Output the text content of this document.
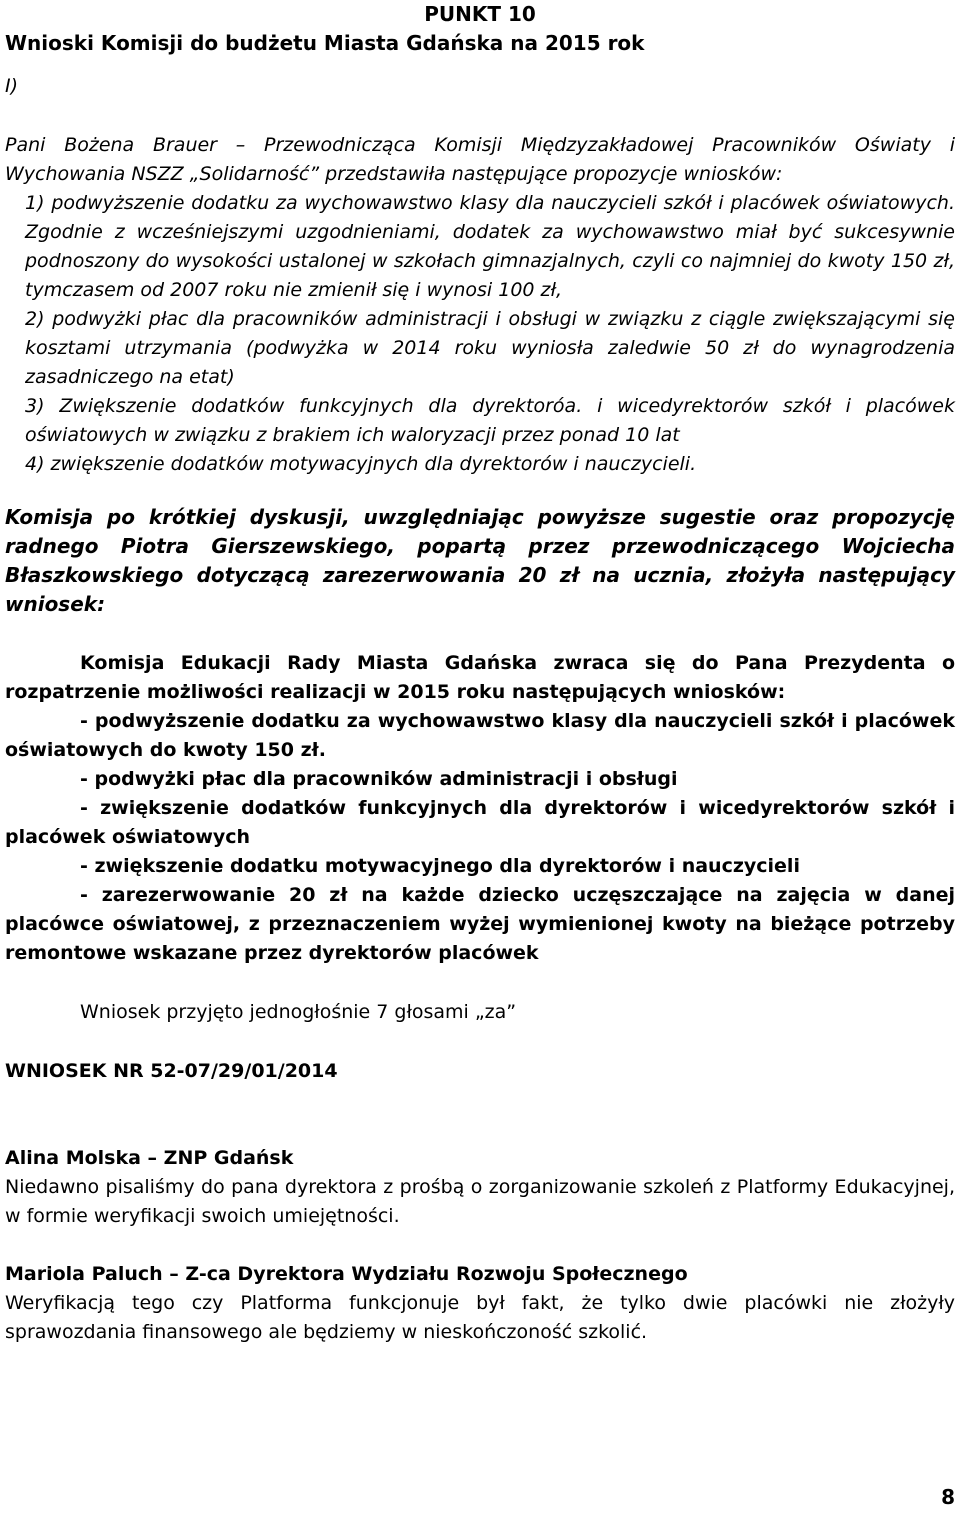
PUNKT 10
Wnioski Komisji do budżetu Miasta Gdańska na 2015 rok
I)
Pani Bożena Brauer – Przewodnicząca Komisji Międzyzakładowej Pracowników Oświaty i Wychowania NSZZ „Solidarność” przedstawiła następujące propozycje wniosków:
1) podwyższenie dodatku za wychowawstwo klasy dla nauczycieli szkół i placówek oświatowych. Zgodnie z wcześniejszymi uzgodnieniami, dodatek za wychowawstwo miał być sukcesywnie podnoszony do wysokości ustalonej w szkołach gimnazjalnych, czyli co najmniej do kwoty 150 zł, tymczasem od 2007 roku nie zmienił się i wynosi 100 zł,
2) podwyżki płac dla pracowników administracji i obsługi w związku z ciągle zwiększającymi się kosztami utrzymania (podwyżka w 2014 roku wyniosła zaledwie 50 zł do wynagrodzenia zasadniczego na etat)
3) Zwiększenie dodatków funkcyjnych dla dyrektoróa. i wicedyrektorów szkół i placówek oświatowych w związku z brakiem ich waloryzacji przez ponad 10 lat
4) zwiększenie dodatków motywacyjnych dla dyrektorów i nauczycieli.
Komisja po krótkiej dyskusji, uwzględniając powyższe sugestie oraz propozycję radnego Piotra Gierszewskiego, popartą przez przewodniczącego Wojciecha Błaszkowskiego dotyczącą zarezerwowania 20 zł na ucznia, złożyła następujący wniosek:
Komisja Edukacji Rady Miasta Gdańska zwraca się do Pana Prezydenta o rozpatrzenie możliwości realizacji w 2015 roku następujących wniosków:
- podwyższenie dodatku za wychowawstwo klasy dla nauczycieli szkół i placówek oświatowych do kwoty 150 zł.
- podwyżki płac dla pracowników administracji i obsługi
- zwiększenie dodatków funkcyjnych dla dyrektorów i wicedyrektorów szkół i placówek oświatowych
- zwiększenie dodatku motywacyjnego dla dyrektorów i nauczycieli
- zarezerwowanie 20 zł na każde dziecko uczęszczające na zajęcia w danej placówce oświatowej, z przeznaczeniem wyżej wymienionej kwoty na bieżące potrzeby remontowe wskazane przez dyrektorów placówek
Wniosek przyjęto jednogłośnie 7 głosami „za”
WNIOSEK NR 52-07/29/01/2014
Alina Molska – ZNP Gdańsk
Niedawno pisaliśmy do pana dyrektora z prośbą o zorganizowanie szkoleń z Platformy Edukacyjnej, w formie weryfikacji swoich umiejętności.
Mariola Paluch – Z-ca Dyrektora Wydziału Rozwoju Społecznego
Weryfikacją tego czy Platforma funkcjonuje był fakt, że tylko dwie placówki nie złożyły sprawozdania finansowego ale będziemy w nieskończoność szkolić.
8
